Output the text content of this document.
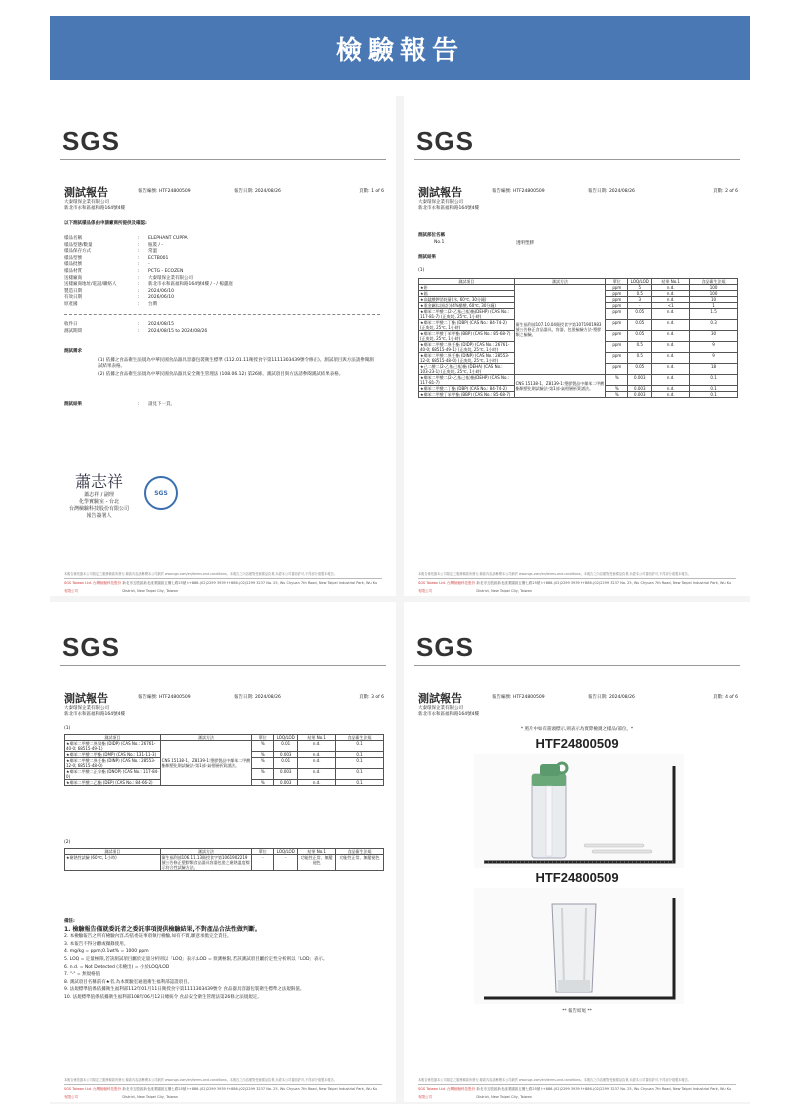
檢驗報告
SGS
測試報告	報告編號: HTF24800509	報告日期: 2024/08/26	頁數: 1 of 6
大秦環保企業有限公司
新北市永和區福和路164號4樓
以下測試樣品係由申請廠商所提供及確認:
樣品名稱	:	ELEPHANT CUPPA
樣品型態/數量	:	瓶裝 / -
樣品保存方式	:	常溫
樣品型號	:	ECTB001
樣品批號	:	-
樣品材質	:	PCTG - ECOZEN
送樣廠商	:	大秦環保企業有限公司
送樣廠商地址/電話/聯絡人	:	新北市永和區福和路164號4樓 / - / 楊蕙庭
製造日期	:	2024/06/10
有效日期	:	2026/06/10
原產國	:	台灣
收件日	:	2024/08/15
測試期間	:	2024/08/15 to 2024/08/26
測試需求
(1) 依據之食品衛生法規為中華民國食品器具容器包裝衛生標準 (112.01.11衛授食字第1111303439號令修正)。測試項目與方法請參閱測試結果表格。
(2) 依據之食品衛生法規為中華民國食品器具安全衛生管理法 (108.06.12) 第26條。測試項目與方法請參閱測試結果表格。
測試結果	:	請見下一頁。
蕭志祥
蕭志祥 / 副理
化學實驗室 - 台北
台灣檢驗科技股份有限公司
報告簽署人
SGS
本報告係依據本公司規定之服務條款所發行,條款內容請參閱本公司網頁 www.sgs.com/en/terms-and-conditions。本報告之內容僅對受檢樣品負責,未經本公司書面許可,不得部分複製本報告。
SGS Taiwan Ltd. 台灣檢驗科技股份有限公司
新北市五股區新北產業園區五權七路25號 t+886-(02)2299 3939 f+886-(02)2299 3237 No. 25, Wu Chyuan 7th Road, New Taipei Industrial Park, Wu Ku District, New Taipei City, Taiwan
SGS
測試報告	報告編號: HTF24800509	報告日期: 2024/08/26	頁數: 2 of 6
大秦環保企業有限公司
新北市永和區福和路164號4樓
測試部位名稱
No.1	透明塑膠
測試結果
(1)
測試項目	測試方法	單位	LOQ/LOD	結果 No.1	食品衛生法規
★鉛	衛生福利部107.10.04衛授食字第1071901983號公告修正食品器具、容器、包裝檢驗方法-塑膠類之檢驗。	ppm	5	n.d.	100
★鎘		ppm	0.5	n.d.	100
★高錳酸鉀消耗量(水, 60℃, 30分鐘)		ppm	3	n.d.	10
★重金屬(以鉛計)(4%醋酸, 60℃, 30分鐘)		ppm	-	<1	1
★鄰苯二甲酸二(2-乙基己基)酯(DEHP) (CAS No.: 117-81-7) (正庚烷, 25℃, 1小時)		ppm	0.05	n.d.	1.5
★鄰苯二甲酸二丁酯 (DBP) (CAS No.: 84-74-2) (正庚烷, 25℃, 1小時)		ppm	0.05	n.d.	0.3
★鄰苯二甲酸丁苯甲酯 (BBP) (CAS No.: 85-68-7) (正庚烷, 25℃, 1小時)		ppm	0.05	n.d.	30
★鄰苯二甲酸二異壬酯 (DIDP) (CAS No.: 26761-40-0; 68515-49-1) (正庚烷, 25℃, 1小時)		ppm	0.5	n.d.	9
★鄰苯二甲酸二異壬酯 (DINP) (CAS No.: 28553-12-0; 68515-48-0) (正庚烷, 25℃, 1小時)		ppm	0.5	n.d.	9
★己二酸二(2-乙基己基)酯 (DEHA) (CAS No.: 103-23-1) (正庚烷, 25℃, 1小時)		ppm	0.05	n.d.	18
★鄰苯二甲酸二(2-乙基己基)酯(DEHP) (CAS No.: 117-81-7)	CNS 15138-1、Z8139-1:塑膠製品中鄰苯二甲酸酯類塑化劑試驗法-第1部-氣相層析質譜法。	%	0.003	n.d.	0.1
★鄰苯二甲酸二丁酯 (DBP) (CAS No.: 84-74-2)		%	0.003	n.d.	0.1
★鄰苯二甲酸丁苯甲酯 (BBP) (CAS No.: 85-68-7)		%	0.003	n.d.	0.1
本報告係依據本公司規定之服務條款所發行,條款內容請參閱本公司網頁 www.sgs.com/en/terms-and-conditions。本報告之內容僅對受檢樣品負責,未經本公司書面許可,不得部分複製本報告。
SGS Taiwan Ltd. 台灣檢驗科技股份有限公司
新北市五股區新北產業園區五權七路25號 t+886-(02)2299 3939 f+886-(02)2299 3237 No. 25, Wu Chyuan 7th Road, New Taipei Industrial Park, Wu Ku District, New Taipei City, Taiwan
SGS
測試報告	報告編號: HTF24800509	報告日期: 2024/08/26	頁數: 3 of 6
大秦環保企業有限公司
新北市永和區福和路164號4樓
(1)
測試項目	測試方法	單位	LOQ/LOD	結果 No.1	食品衛生法規
★鄰苯二甲酸二異癸酯 (DIDP) (CAS No.: 26761-40-0; 68515-49-1)	CNS 15138-1、Z8139-1:塑膠製品中鄰苯二甲酸酯類塑化劑試驗法-第1部-氣相層析質譜法。	%	0.01	n.d.	0.1
★鄰苯二甲酸二甲酯 (DMP) (CAS No.: 131-11-3)		%	0.003	n.d.	0.1
★鄰苯二甲酸二異壬酯 (DINP) (CAS No.: 28553-12-0; 68515-48-0)		%	0.01	n.d.	0.1
★鄰苯二甲酸二正辛酯 (DNOP) (CAS No.: 117-84-0)		%	0.003	n.d.	0.1
★鄰苯二甲酸二乙酯 (DEP) (CAS No.: 84-66-2)		%	0.003	n.d.	0.1
(2)
測試項目	測試方法	單位	LOQ/LOD	結果 No.1	食品衛生法規
★耐熱性試驗 (60℃, 1小時)	衛生福利部106.11.13衛授食字第1061902219號公告修正塑膠類食品器具容器包裝之耐熱溫度標示符合性試驗方法。	-	-	功能性正常、無變褪色	功能性正常、無變褪色
備註:
1. 檢驗報告僅就委託者之委託事項提供檢驗結果,不對產品合法性做判斷。
2. 本檢驗報告之所有檢驗內容,均依委託事項執行檢驗,如有不實,願意承擔完全責任。
3. 本報告不得分離或擷錄使用。
4. mg/kg = ppm;0.1wt% = 1000 ppm
5. LOQ = 定量極限,若該測試項目屬於定量分析則以「LOQ」表示;LOD = 偵測極限,若該測試項目屬於定性分析則以「LOD」表示。
6. n.d. = Not Detected (未檢出) = 小於LOQ/LOD
7. "-" = 無規格值
8. 測試項目名稱前有★者,為本實驗室通過衛生福利部認證項目。
9. 法規標準值係依據衛生福利部112年01月11日衛授食字第1111303439號令 食品器具容器包裝衛生標準之法規限值。
10. 法規標準值係依據衛生福利部108年06月12日總統令 食品安全衛生管理法第26條之法規規定。
本報告係依據本公司規定之服務條款所發行,條款內容請參閱本公司網頁 www.sgs.com/en/terms-and-conditions。本報告之內容僅對受檢樣品負責,未經本公司書面許可,不得部分複製本報告。
SGS Taiwan Ltd. 台灣檢驗科技股份有限公司
新北市五股區新北產業園區五權七路25號 t+886-(02)2299 3939 f+886-(02)2299 3237 No. 25, Wu Chyuan 7th Road, New Taipei Industrial Park, Wu Ku District, New Taipei City, Taiwan
SGS
測試報告	報告編號: HTF24800509	報告日期: 2024/08/26	頁數: 4 of 6
大秦環保企業有限公司
新北市永和區福和路164號4樓
* 照片中如有箭頭標示,則表示為實際檢測之樣品/部位。*
HTF24800509
HTF24800509
** 報告結尾 **
本報告係依據本公司規定之服務條款所發行,條款內容請參閱本公司網頁 www.sgs.com/en/terms-and-conditions。本報告之內容僅對受檢樣品負責,未經本公司書面許可,不得部分複製本報告。
SGS Taiwan Ltd. 台灣檢驗科技股份有限公司
新北市五股區新北產業園區五權七路25號 t+886-(02)2299 3939 f+886-(02)2299 3237 No. 25, Wu Chyuan 7th Road, New Taipei Industrial Park, Wu Ku District, New Taipei City, Taiwan
